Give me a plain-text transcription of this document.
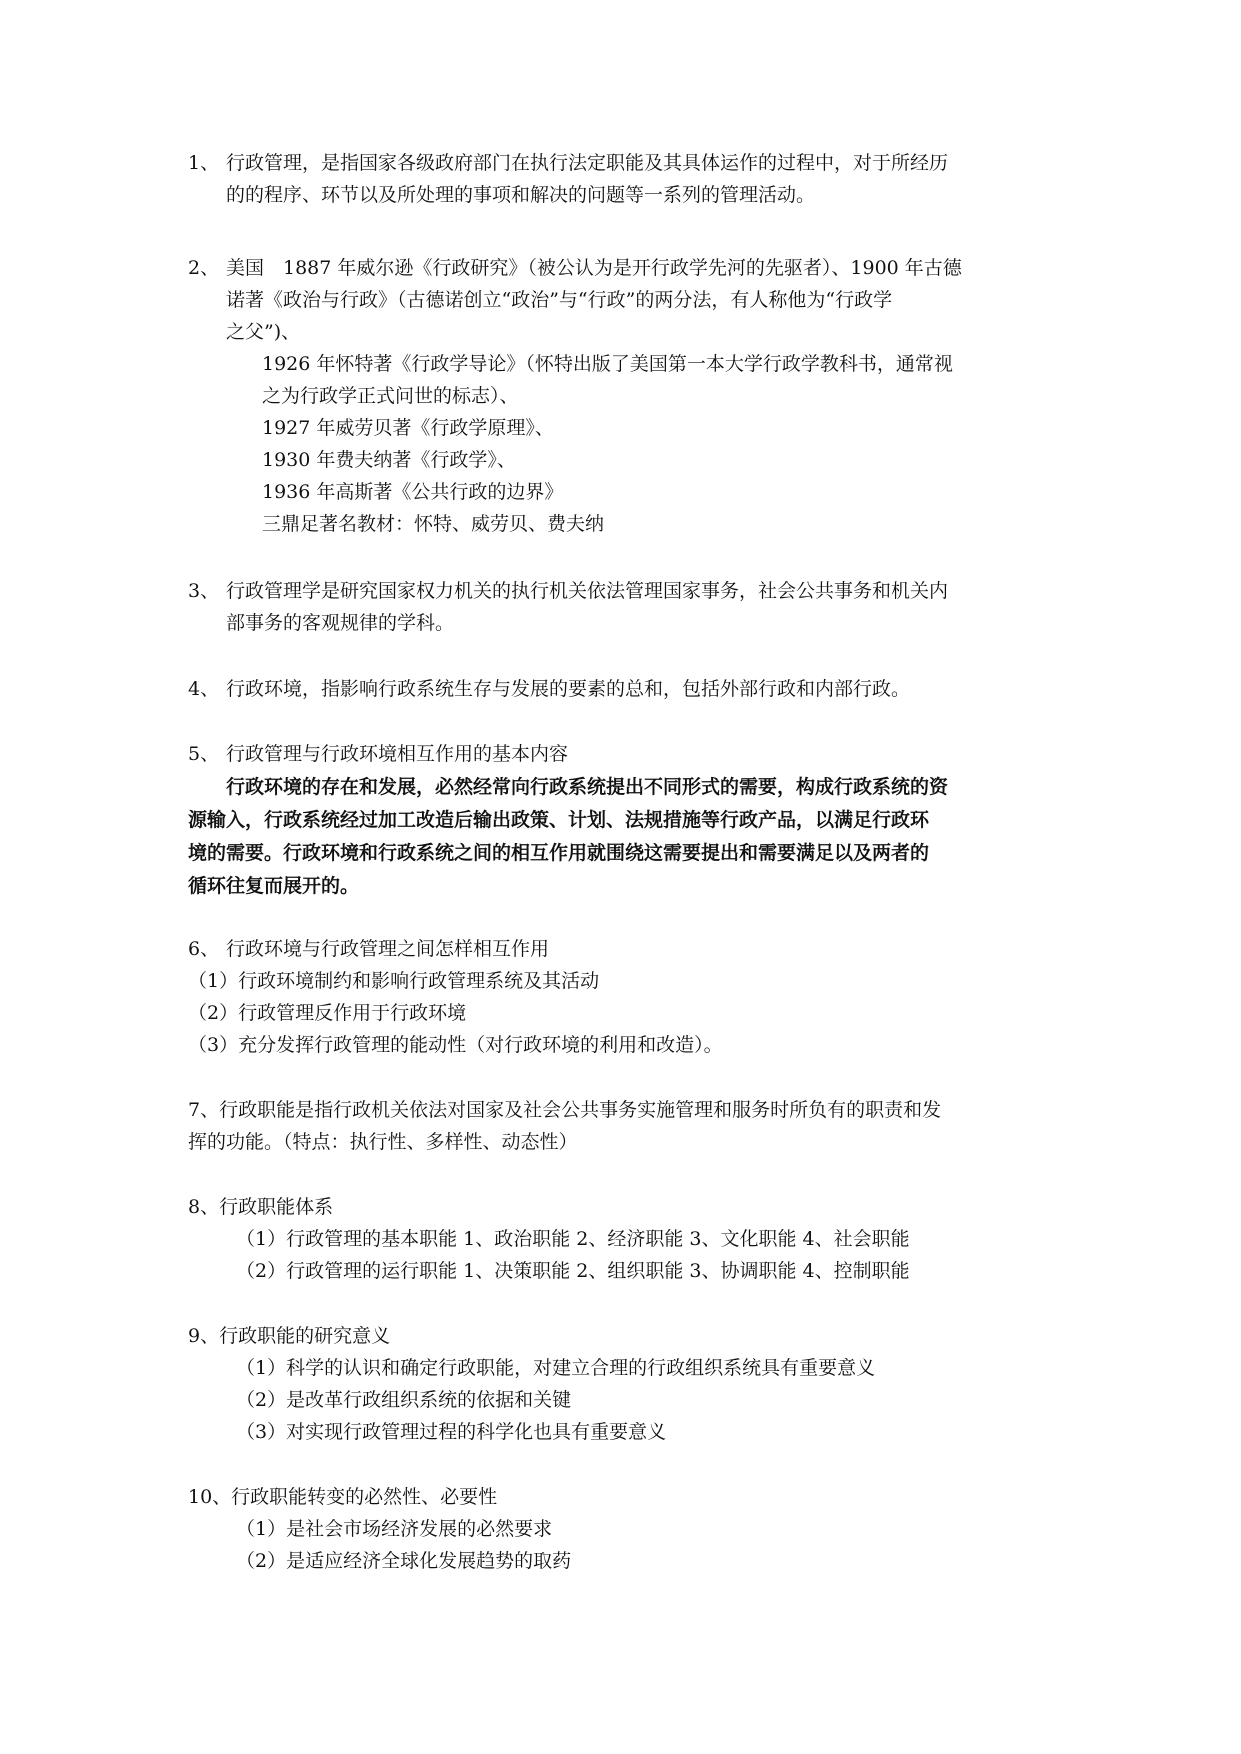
1、 行政管理，是指国家各级政府部门在执行法定职能及其具体运作的过程中，对于所经历
的的程序、环节以及所处理的事项和解决的问题等一系列的管理活动。
2、 美国　1887 年威尔逊《行政研究》（被公认为是开行政学先河的先驱者）、1900 年古德
诺著《政治与行政》（古德诺创立“政治”与“行政”的两分法，有人称他为“行政学
之父”)、
1926 年怀特著《行政学导论》（怀特出版了美国第一本大学行政学教科书，通常视
之为行政学正式问世的标志）、
1927 年威劳贝著《行政学原理》、
1930 年费夫纳著《行政学》、
1936 年高斯著《公共行政的边界》
三鼎足著名教材：怀特、威劳贝、费夫纳
3、 行政管理学是研究国家权力机关的执行机关依法管理国家事务，社会公共事务和机关内
部事务的客观规律的学科。
4、 行政环境，指影响行政系统生存与发展的要素的总和，包括外部行政和内部行政。
5、 行政管理与行政环境相互作用的基本内容
行政环境的存在和发展，必然经常向行政系统提出不同形式的需要，构成行政系统的资
源输入，行政系统经过加工改造后输出政策、计划、法规措施等行政产品，以满足行政环
境的需要。行政环境和行政系统之间的相互作用就围绕这需要提出和需要满足以及两者的
循环往复而展开的。
6、 行政环境与行政管理之间怎样相互作用
（1）行政环境制约和影响行政管理系统及其活动
（2）行政管理反作用于行政环境
（3）充分发挥行政管理的能动性（对行政环境的利用和改造）。
7、行政职能是指行政机关依法对国家及社会公共事务实施管理和服务时所负有的职责和发
挥的功能。（特点：执行性、多样性、动态性）
8、行政职能体系
（1）行政管理的基本职能 1、政治职能 2、经济职能 3、文化职能 4、社会职能
（2）行政管理的运行职能 1、决策职能 2、组织职能 3、协调职能 4、控制职能
9、行政职能的研究意义
（1）科学的认识和确定行政职能，对建立合理的行政组织系统具有重要意义
（2）是改革行政组织系统的依据和关键
（3）对实现行政管理过程的科学化也具有重要意义
10、行政职能转变的必然性、必要性
（1）是社会市场经济发展的必然要求
（2）是适应经济全球化发展趋势的取药
